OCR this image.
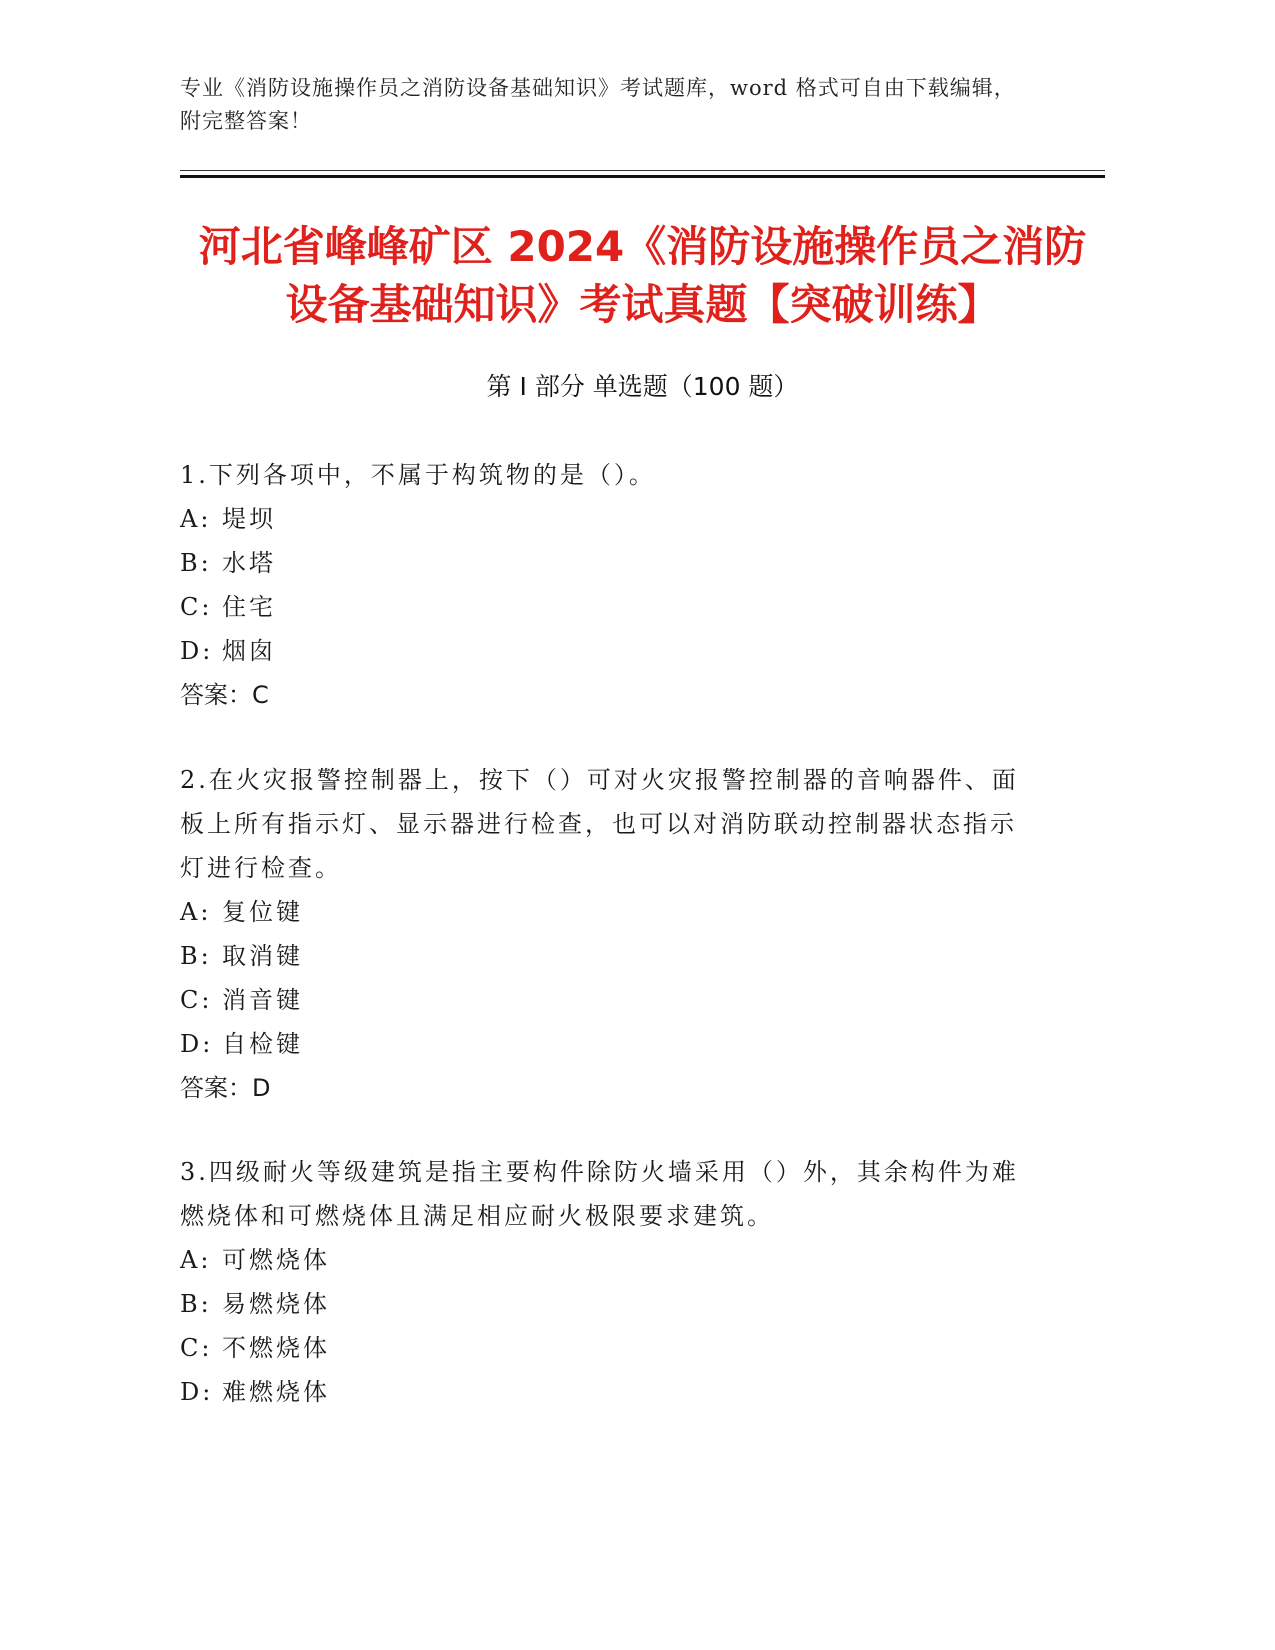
专业《消防设施操作员之消防设备基础知识》考试题库，word 格式可自由下载编辑，附完整答案！
河北省峰峰矿区 2024《消防设施操作员之消防设备基础知识》考试真题【突破训练】
第 I 部分 单选题（100 题）

1.下列各项中，不属于构筑物的是（）。

A: 堤坝

B: 水塔

C: 住宅

D: 烟囱

答案：C

2.在火灾报警控制器上，按下（）可对火灾报警控制器的音响器件、面板上所有指示灯、显示器进行检查，也可以对消防联动控制器状态指示灯进行检查。

A: 复位键

B: 取消键

C: 消音键

D: 自检键

答案：D

3.四级耐火等级建筑是指主要构件除防火墙采用（）外，其余构件为难燃烧体和可燃烧体且满足相应耐火极限要求建筑。

A: 可燃烧体

B: 易燃烧体

C: 不燃烧体

D: 难燃烧体
